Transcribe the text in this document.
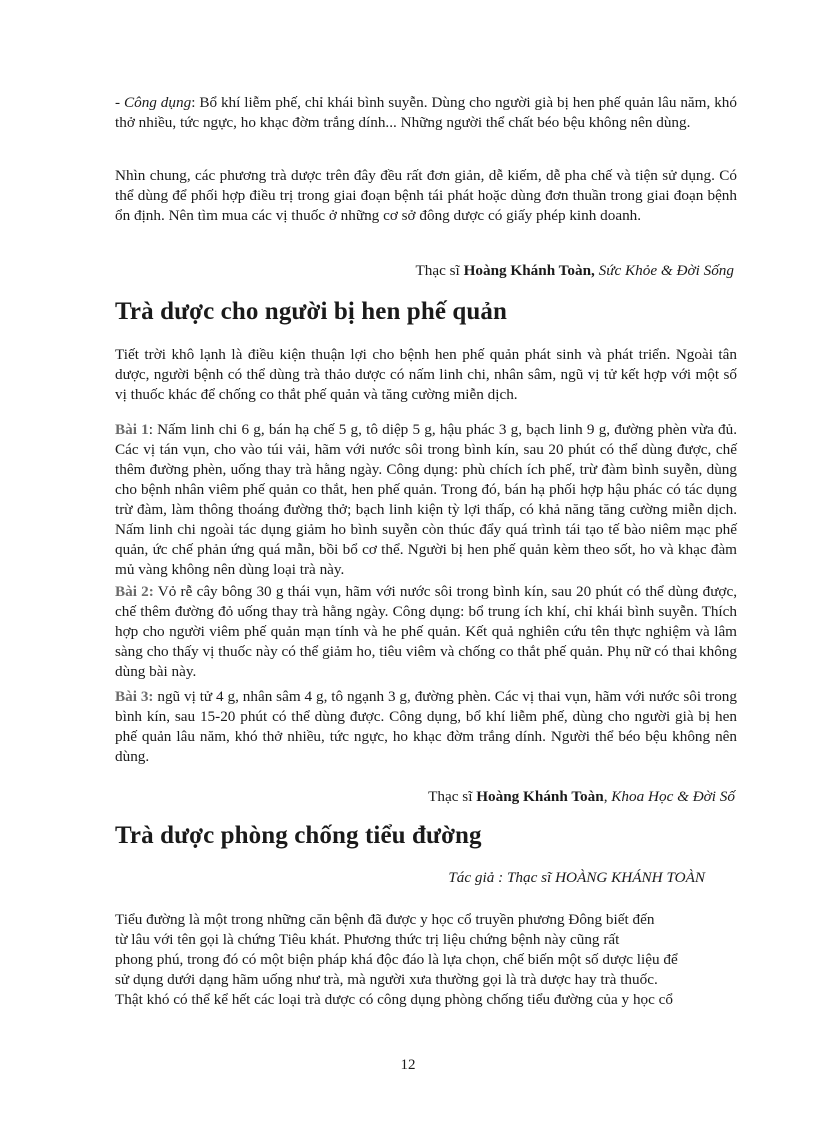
- Công dụng: Bổ khí liễm phế, chỉ khái bình suyễn. Dùng cho người già bị hen phế quản lâu năm, khó thở nhiều, tức ngực, ho khạc đờm trắng dính... Những người thể chất béo bệu không nên dùng.

Nhìn chung, các phương trà dược trên đây đều rất đơn giản, dễ kiếm, dễ pha chế và tiện sử dụng. Có thể dùng để phối hợp điều trị trong giai đoạn bệnh tái phát hoặc dùng đơn thuần trong giai đoạn bệnh ổn định. Nên tìm mua các vị thuốc ở những cơ sở đông dược có giấy phép kinh doanh.

Thạc sĩ Hoàng Khánh Toàn, Sức Khỏe & Đời Sống
Trà dược cho người bị hen phế quản

Tiết trời khô lạnh là điều kiện thuận lợi cho bệnh hen phế quản phát sinh và phát triển. Ngoài tân dược, người bệnh có thể dùng trà thảo dược có nấm linh chi, nhân sâm, ngũ vị tử kết hợp với một số vị thuốc khác để chống co thắt phế quản và tăng cường miễn dịch.

Bài 1: Nấm linh chi 6 g, bán hạ chế 5 g, tô diệp 5 g, hậu phác 3 g, bạch linh 9 g, đường phèn vừa đủ. Các vị tán vụn, cho vào túi vải, hãm với nước sôi trong bình kín, sau 20 phút có thể dùng được, chế thêm đường phèn, uống thay trà hằng ngày. Công dụng: phù chích ích phế, trừ đàm bình suyễn, dùng cho bệnh nhân viêm phế quản co thắt, hen phế quản. Trong đó, bán hạ phối hợp hậu phác có tác dụng trừ đàm, làm thông thoáng đường thở; bạch linh kiện tỳ lợi thấp, có khả năng tăng cường miễn dịch. Nấm linh chi ngoài tác dụng giảm ho bình suyễn còn thúc đẩy quá trình tái tạo tế bào niêm mạc phế quản, ức chế phản ứng quá mẫn, bồi bổ cơ thể. Người bị hen phế quản kèm theo sốt, ho và khạc đàm mủ vàng không nên dùng loại trà này.

Bài 2: Vỏ rễ cây bông 30 g thái vụn, hãm với nước sôi trong bình kín, sau 20 phút có thể dùng được, chế thêm đường đỏ uống thay trà hằng ngày. Công dụng: bổ trung ích khí, chỉ khái bình suyễn. Thích hợp cho người viêm phế quản mạn tính và he phế quản. Kết quả nghiên cứu tên thực nghiệm và lâm sàng cho thấy vị thuốc này có thể giảm ho, tiêu viêm và chống co thắt phế quản. Phụ nữ có thai không dùng bài này.

Bài 3: ngũ vị tử 4 g, nhân sâm 4 g, tô ngạnh 3 g, đường phèn. Các vị thai vụn, hãm với nước sôi trong bình kín, sau 15-20 phút có thể dùng được. Công dụng, bổ khí liễm phế, dùng cho người già bị hen phế quản lâu năm, khó thở nhiều, tức ngực, ho khạc đờm trắng dính. Người thể béo bệu không nên dùng.

Thạc sĩ Hoàng Khánh Toàn, Khoa Học & Đời Số
Trà dược phòng chống tiểu đường
Tác giả : Thạc sĩ HOÀNG KHÁNH TOÀN

Tiểu đường là một trong những căn bệnh đã được y học cổ truyền phương Đông biết đến

từ lâu với tên gọi là chứng Tiêu khát. Phương thức trị liệu chứng bệnh này cũng rất

phong phú, trong đó có một biện pháp khá độc đáo là lựa chọn, chế biến một số dược liệu để

sử dụng dưới dạng hãm uống như trà, mà người xưa thường gọi là trà dược hay trà thuốc.

Thật khó có thể kể hết các loại trà dược có công dụng phòng chống tiểu đường của y học cổ

12
